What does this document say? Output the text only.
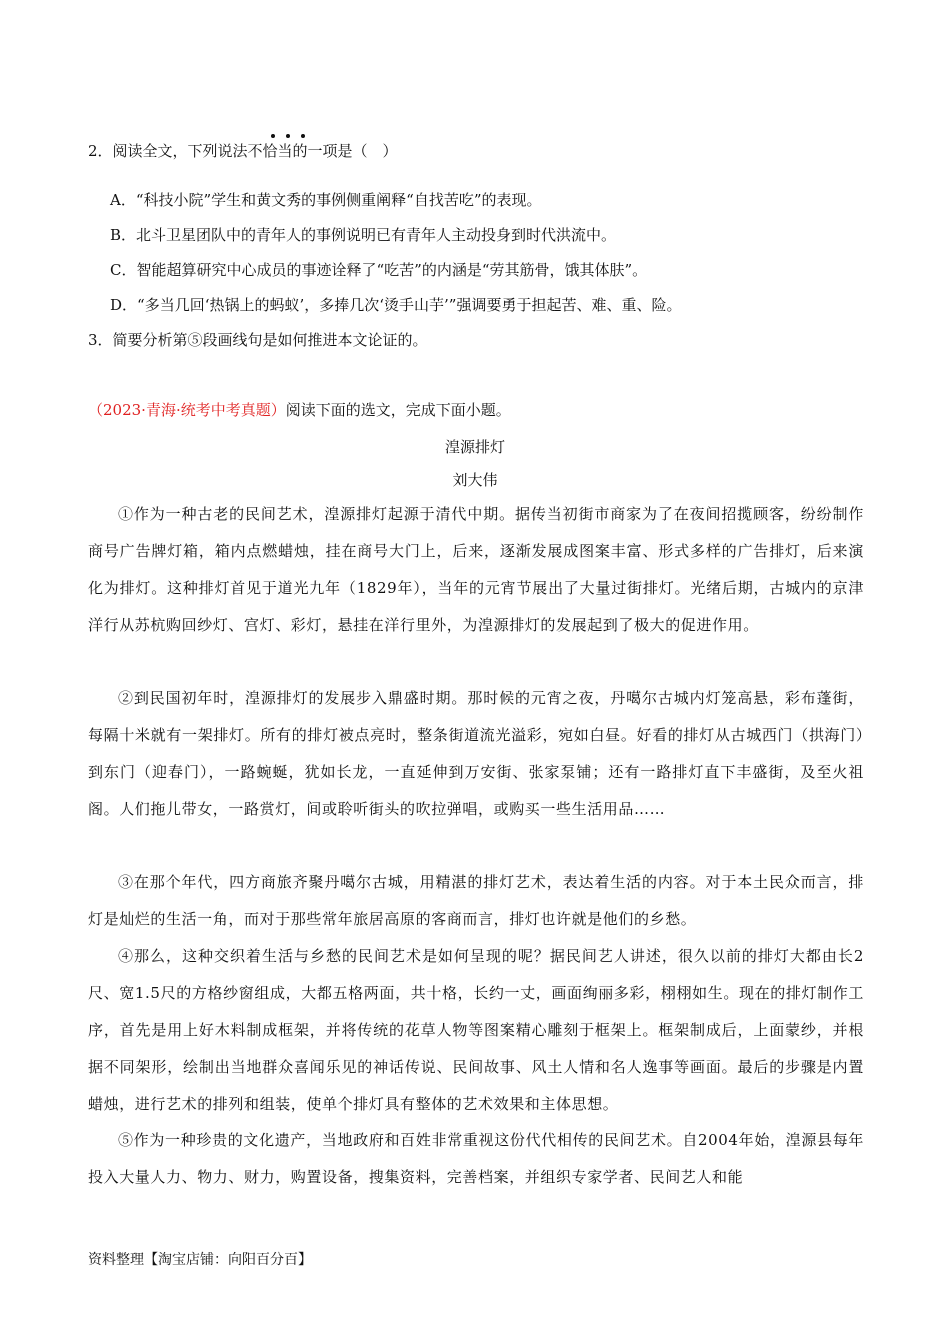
2．阅读全文，下列说法不恰当的一项是（　）
A．“科技小院”学生和黄文秀的事例侧重阐释“自找苦吃”的表现。
B．北斗卫星团队中的青年人的事例说明已有青年人主动投身到时代洪流中。
C．智能超算研究中心成员的事迹诠释了“吃苦”的内涵是“劳其筋骨，饿其体肤”。
D．“多当几回‘热锅上的蚂蚁’，多捧几次‘烫手山芋’”强调要勇于担起苦、难、重、险。
3．简要分析第⑤段画线句是如何推进本文论证的。
（2023·青海·统考中考真题）阅读下面的选文，完成下面小题。
湟源排灯
刘大伟
①作为一种古老的民间艺术，湟源排灯起源于清代中期。据传当初街市商家为了在夜间招揽顾客，纷纷制作商号广告牌灯箱，箱内点燃蜡烛，挂在商号大门上，后来，逐渐发展成图案丰富、形式多样的广告排灯，后来演化为排灯。这种排灯首见于道光九年（1829年），当年的元宵节展出了大量过街排灯。光绪后期，古城内的京津洋行从苏杭购回纱灯、宫灯、彩灯，悬挂在洋行里外，为湟源排灯的发展起到了极大的促进作用。
②到民国初年时，湟源排灯的发展步入鼎盛时期。那时候的元宵之夜，丹噶尔古城内灯笼高悬，彩布蓬街，每隔十米就有一架排灯。所有的排灯被点亮时，整条街道流光溢彩，宛如白昼。好看的排灯从古城西门（拱海门）到东门（迎春门），一路蜿蜒，犹如长龙，一直延伸到万安街、张家泵铺；还有一路排灯直下丰盛街，及至火祖阁。人们拖儿带女，一路赏灯，间或聆听街头的吹拉弹唱，或购买一些生活用品……
③在那个年代，四方商旅齐聚丹噶尔古城，用精湛的排灯艺术，表达着生活的内容。对于本土民众而言，排灯是灿烂的生活一角，而对于那些常年旅居高原的客商而言，排灯也许就是他们的乡愁。
④那么，这种交织着生活与乡愁的民间艺术是如何呈现的呢？据民间艺人讲述，很久以前的排灯大都由长2尺、宽1.5尺的方格纱窗组成，大都五格两面，共十格，长约一丈，画面绚丽多彩，栩栩如生。现在的排灯制作工序，首先是用上好木料制成框架，并将传统的花草人物等图案精心雕刻于框架上。框架制成后，上面蒙纱，并根据不同架形，绘制出当地群众喜闻乐见的神话传说、民间故事、风土人情和名人逸事等画面。最后的步骤是内置蜡烛，进行艺术的排列和组装，使单个排灯具有整体的艺术效果和主体思想。
⑤作为一种珍贵的文化遗产，当地政府和百姓非常重视这份代代相传的民间艺术。自2004年始，湟源县每年投入大量人力、物力、财力，购置设备，搜集资料，完善档案，并组织专家学者、民间艺人和能
资料整理【淘宝店铺：向阳百分百】
